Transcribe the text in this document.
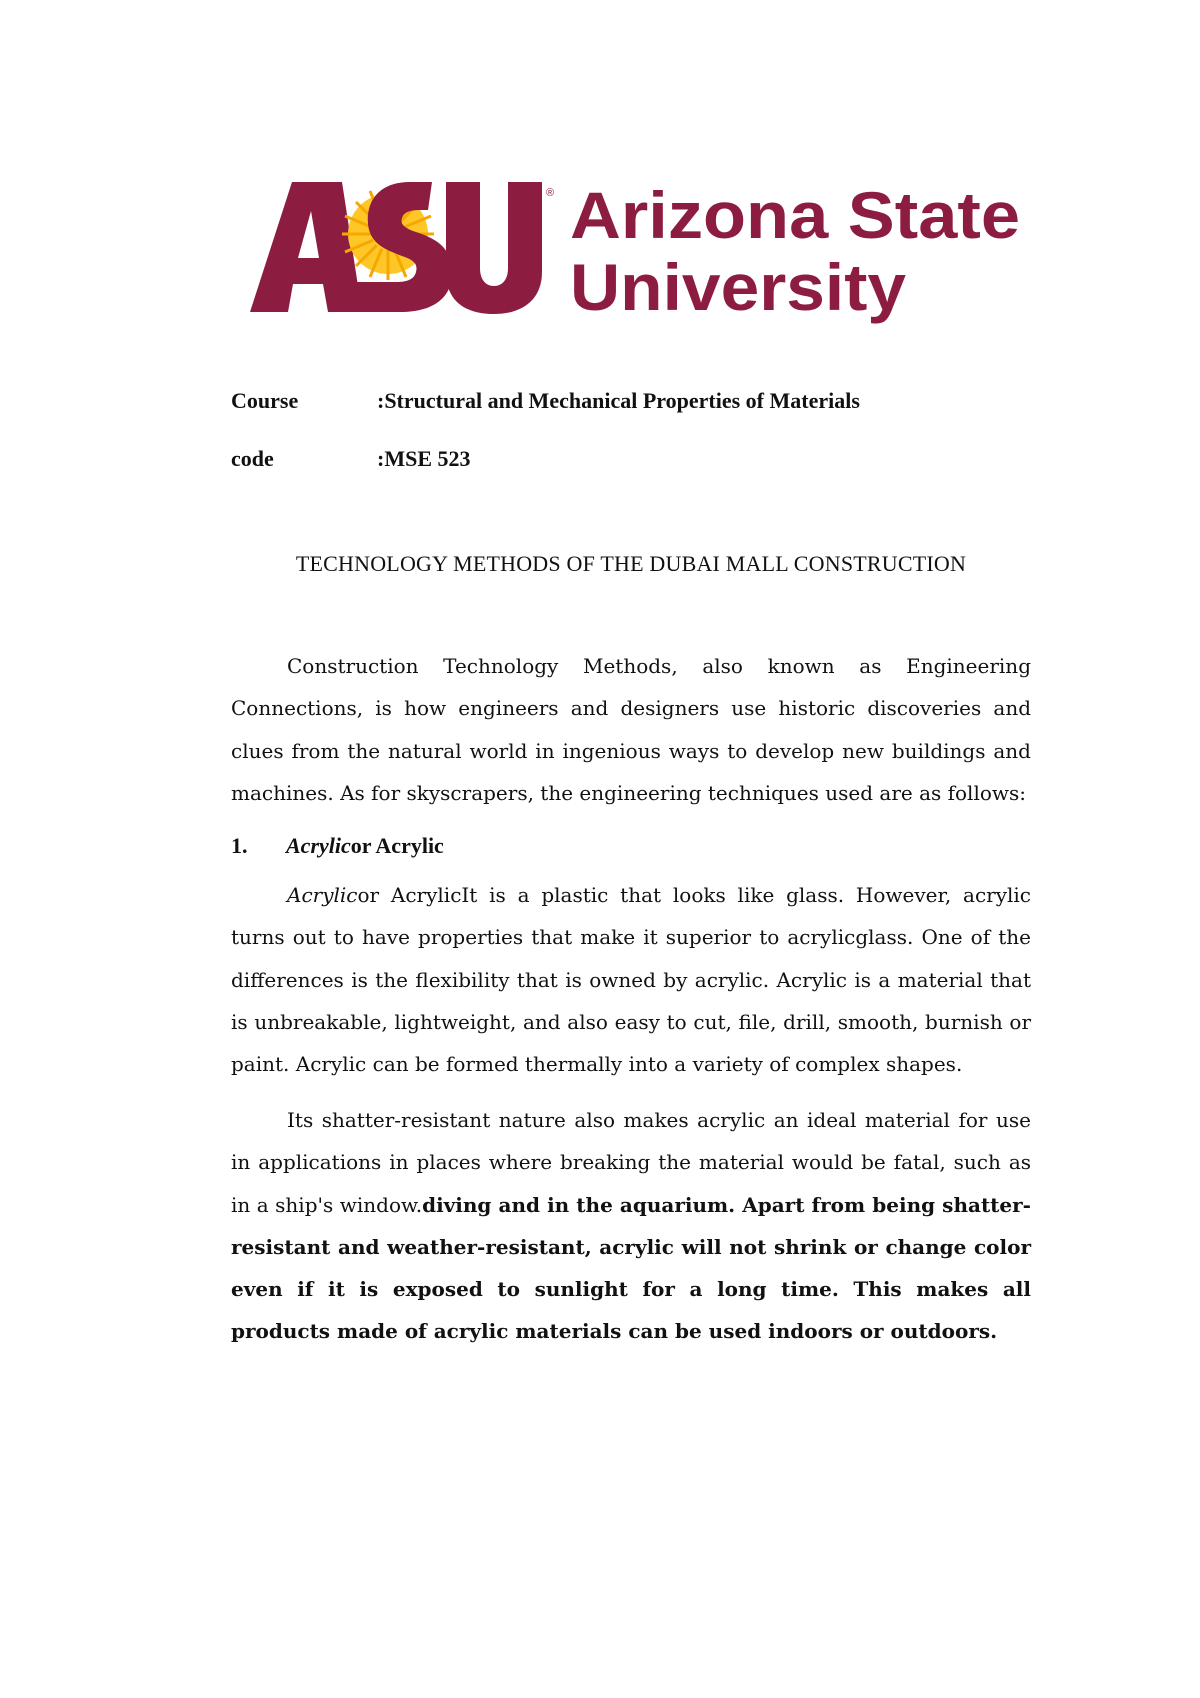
® Arizona State
University
Course	:Structural and Mechanical Properties of Materials
code	:MSE 523
TECHNOLOGY METHODS OF THE DUBAI MALL CONSTRUCTION

Construction Technology Methods, also known as Engineering Connections, is how engineers and designers use historic discoveries and clues from the natural world in ingenious ways to develop new buildings and machines. As for skyscrapers, the engineering techniques used are as follows:

1.	Acrylicor Acrylic

Acrylicor AcrylicIt is a plastic that looks like glass. However, acrylic turns out to have properties that make it superior to acrylicglass. One of the differences is the flexibility that is owned by acrylic. Acrylic is a material that is unbreakable, lightweight, and also easy to cut, file, drill, smooth, burnish or paint. Acrylic can be formed thermally into a variety of complex shapes.

Its shatter-resistant nature also makes acrylic an ideal material for use in applications in places where breaking the material would be fatal, such as in a ship's window.diving and in the aquarium. Apart from being shatter-resistant and weather-resistant, acrylic will not shrink or change color even if it is exposed to sunlight for a long time. This makes all products made of acrylic materials can be used indoors or outdoors.
